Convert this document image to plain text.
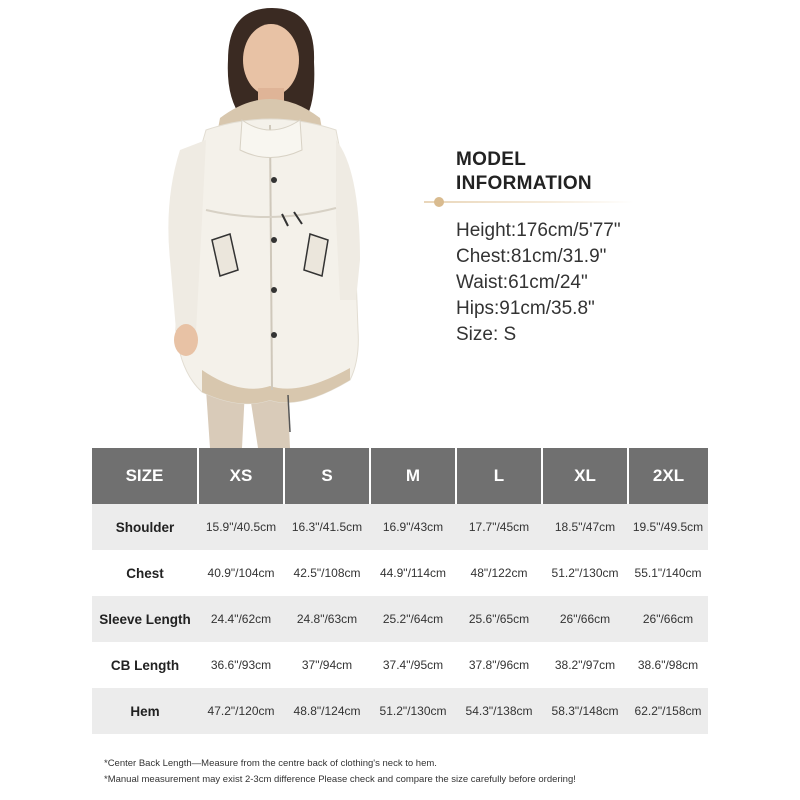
MODEL
INFORMATION
Height:176cm/5'77"
Chest:81cm/31.9"
Waist:61cm/24"
Hips:91cm/35.8"
Size: S
SIZE	XS	S	M	L	XL	2XL
Shoulder	15.9"/40.5cm	16.3"/41.5cm	16.9"/43cm	17.7"/45cm	18.5"/47cm	19.5"/49.5cm
Chest	40.9"/104cm	42.5"/108cm	44.9"/114cm	48"/122cm	51.2"/130cm	55.1"/140cm
Sleeve Length	24.4"/62cm	24.8"/63cm	25.2"/64cm	25.6"/65cm	26"/66cm	26"/66cm
CB Length	36.6"/93cm	37"/94cm	37.4"/95cm	37.8"/96cm	38.2"/97cm	38.6"/98cm
Hem	47.2"/120cm	48.8"/124cm	51.2"/130cm	54.3"/138cm	58.3"/148cm	62.2"/158cm
*Center Back Length—Measure from the centre back of clothing's neck to hem.
*Manual measurement may exist 2-3cm difference Please check and compare the size carefully before ordering!
